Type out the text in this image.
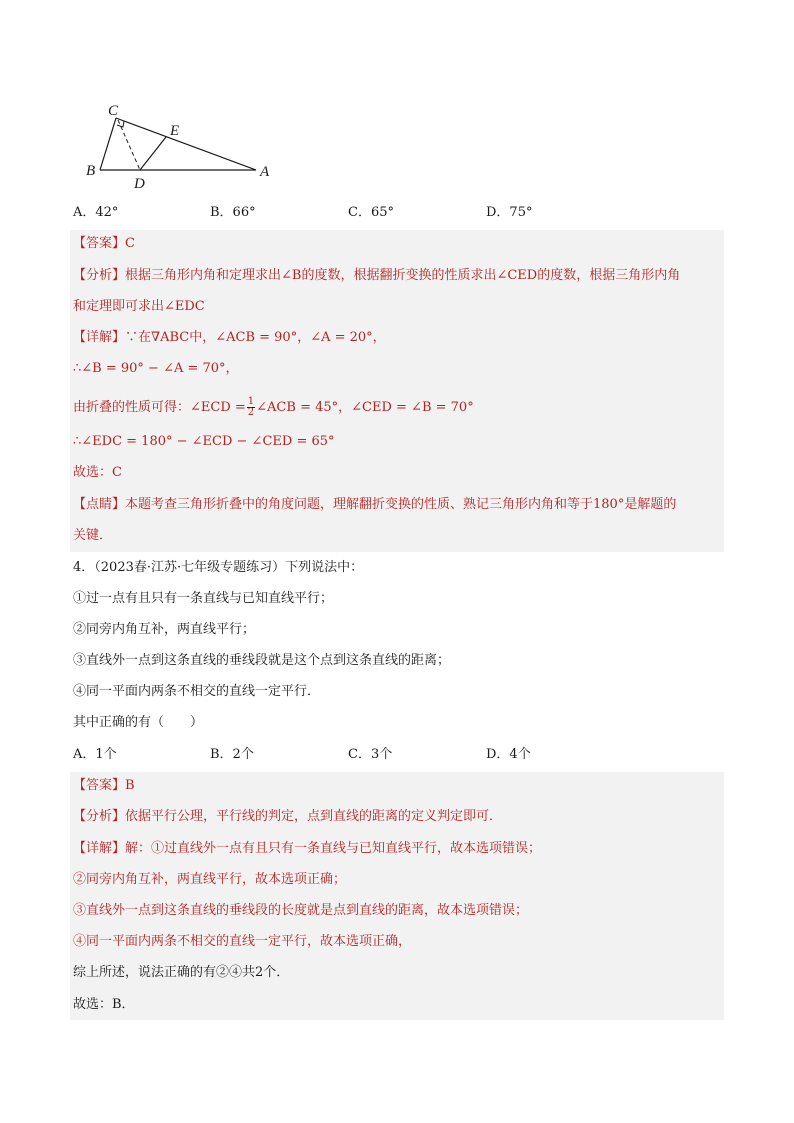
C
E
B
D
A
A．42°	B．66°	C．65°	D．75°
【答案】C
【分析】根据三角形内角和定理求出∠B的度数，根据翻折变换的性质求出∠CED的度数，根据三角形内角
和定理即可求出∠EDC
【详解】∵在∇ABC中，∠ACB = 90°，∠A = 20°，
∴∠B = 90° − ∠A = 70°，
由折叠的性质可得：∠ECD = $\frac{1}{2}$ ∠ACB = 45°，∠CED = ∠B = 70°
∴∠EDC = 180° − ∠ECD − ∠CED = 65°
故选：C
【点睛】本题考查三角形折叠中的角度问题，理解翻折变换的性质、熟记三角形内角和等于180°是解题的
关键．
4．（2023春·江苏·七年级专题练习）下列说法中：
①过一点有且只有一条直线与已知直线平行；
②同旁内角互补，两直线平行；
③直线外一点到这条直线的垂线段就是这个点到这条直线的距离；
④同一平面内两条不相交的直线一定平行．
其中正确的有（　　）
A．1个	B．2个	C．3个	D．4个
【答案】B
【分析】依据平行公理，平行线的判定，点到直线的距离的定义判定即可．
【详解】解：①过直线外一点有且只有一条直线与已知直线平行，故本选项错误；
②同旁内角互补，两直线平行，故本选项正确；
③直线外一点到这条直线的垂线段的长度就是点到直线的距离，故本选项错误；
④同一平面内两条不相交的直线一定平行，故本选项正确，
综上所述，说法正确的有②④共2个．
故选：B．
